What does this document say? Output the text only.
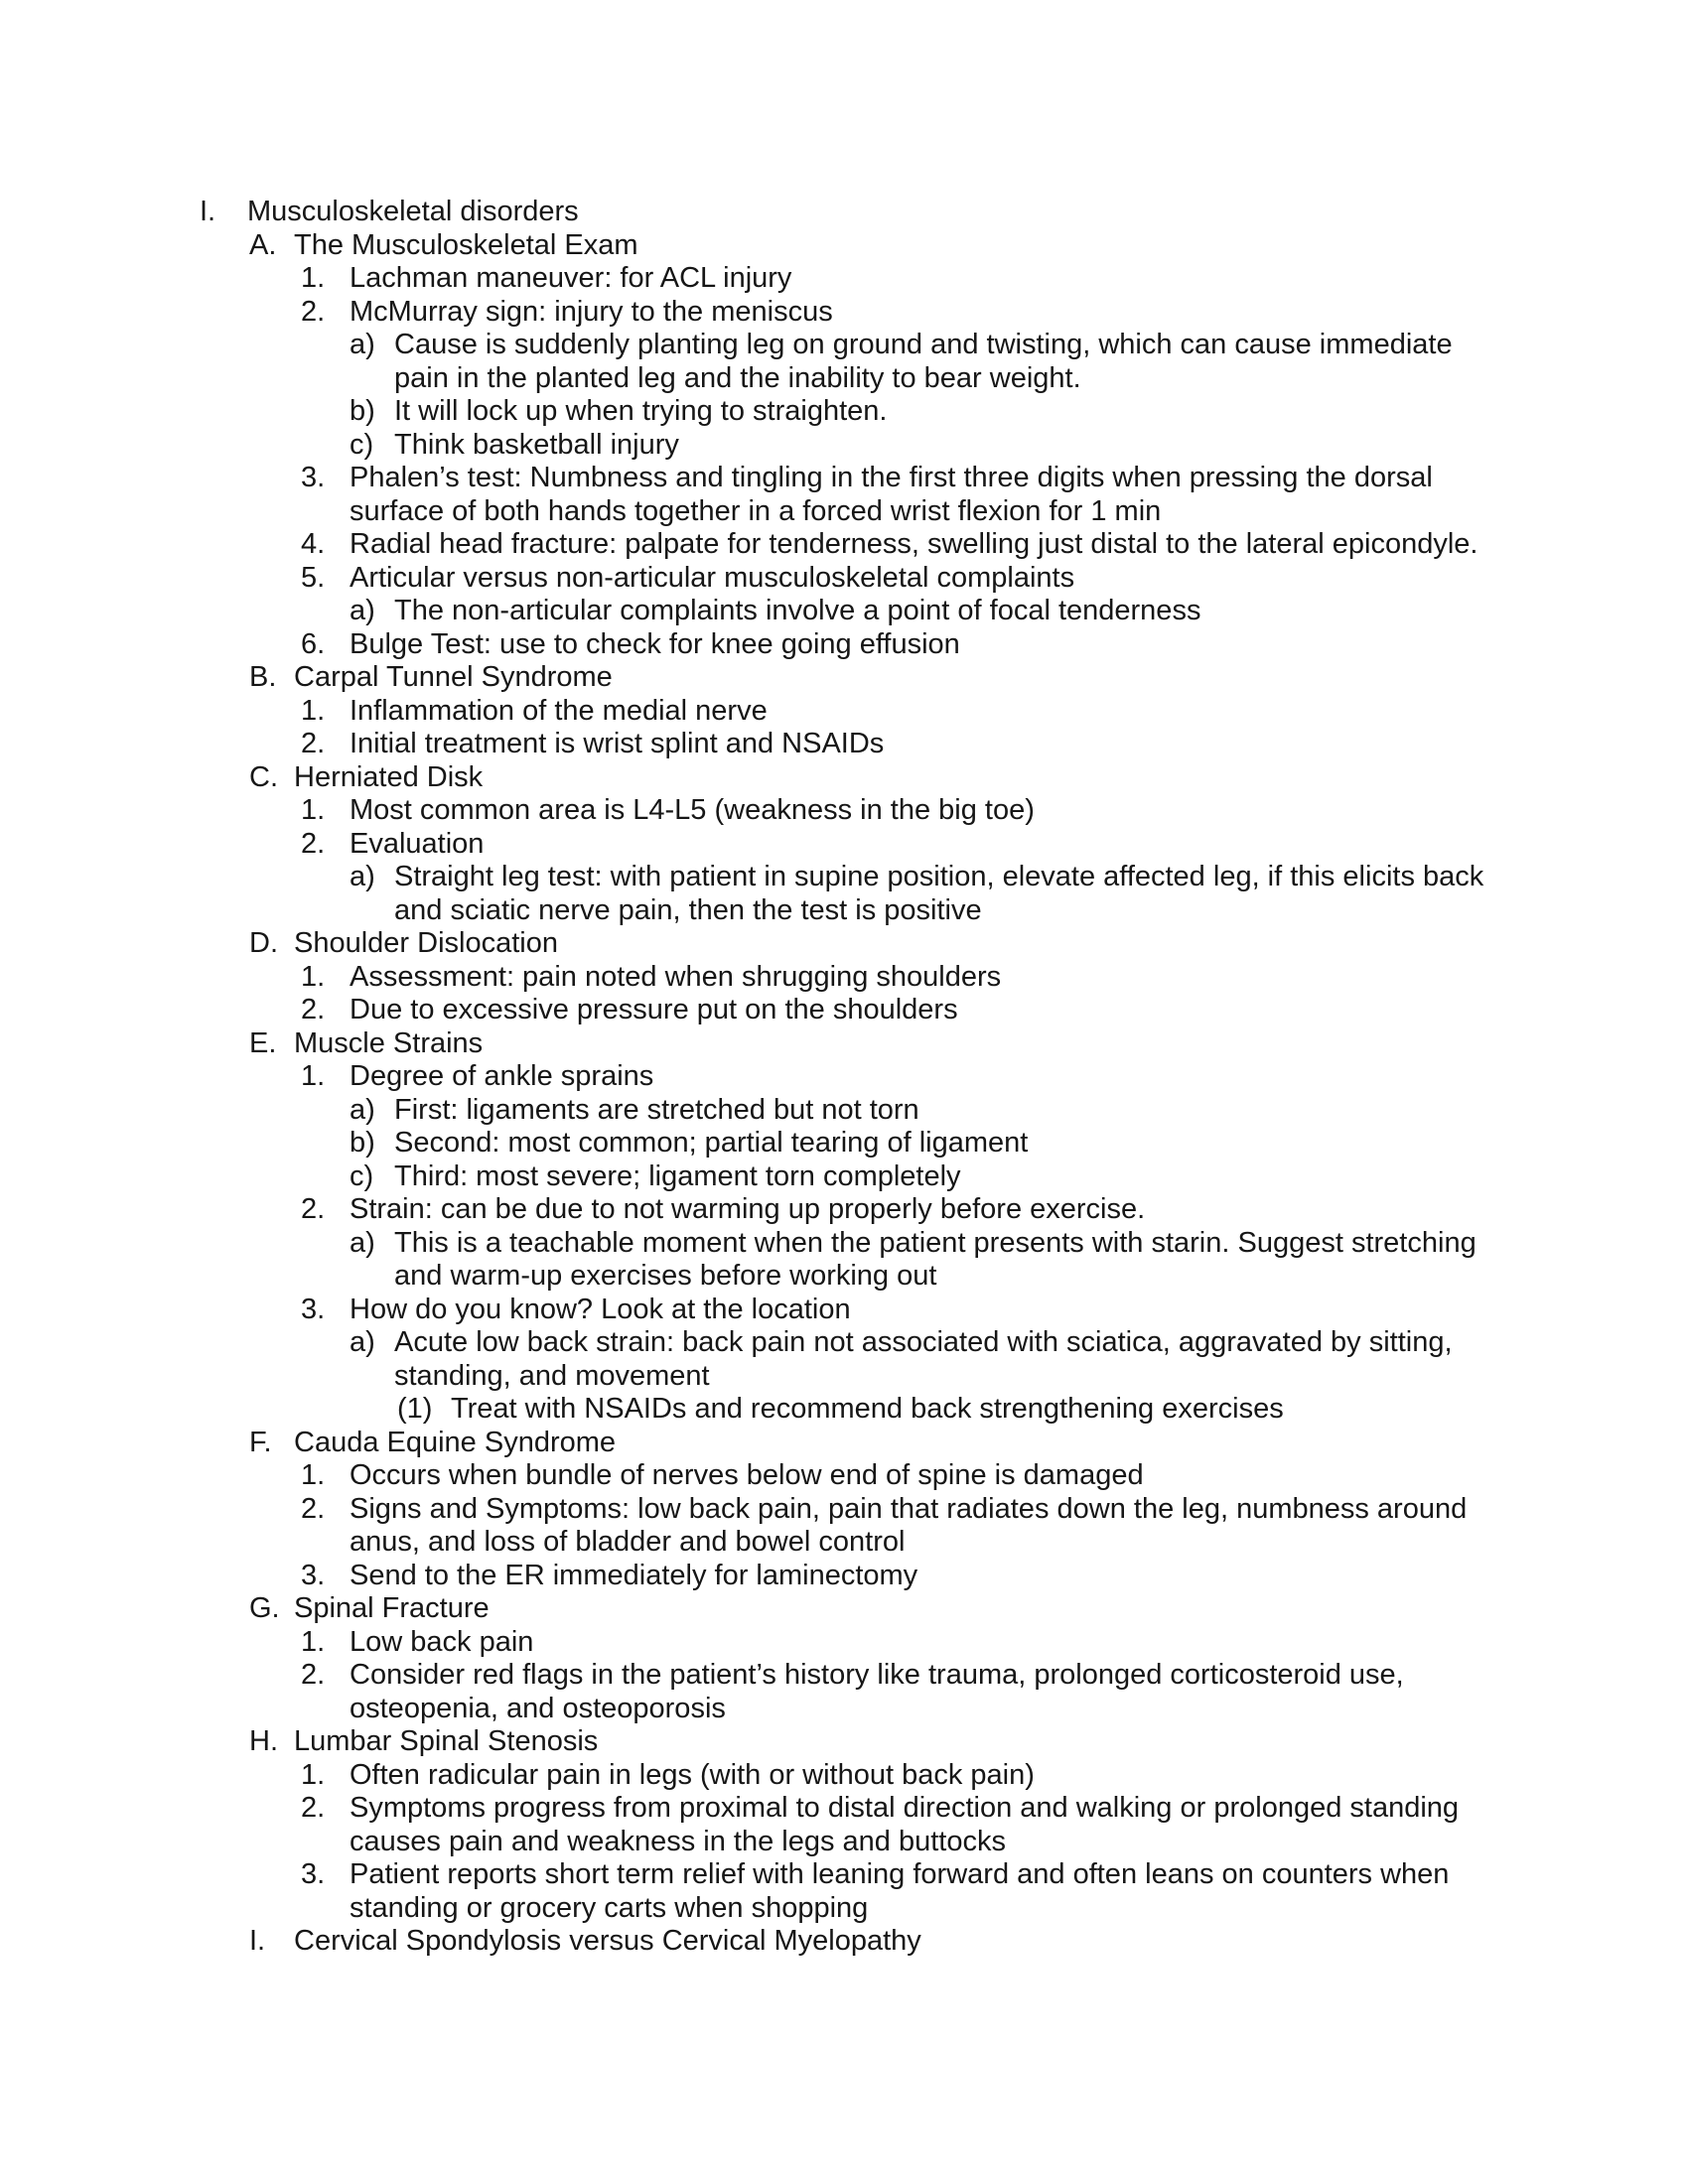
I. Musculoskeletal disorders
A. The Musculoskeletal Exam
1. Lachman maneuver: for ACL injury
2. McMurray sign: injury to the meniscus
a) Cause is suddenly planting leg on ground and twisting, which can cause immediate pain in the planted leg and the inability to bear weight.
b) It will lock up when trying to straighten.
c) Think basketball injury
3. Phalen’s test: Numbness and tingling in the first three digits when pressing the dorsal surface of both hands together in a forced wrist flexion for 1 min
4. Radial head fracture: palpate for tenderness, swelling just distal to the lateral epicondyle.
5. Articular versus non-articular musculoskeletal complaints
a) The non-articular complaints involve a point of focal tenderness
6. Bulge Test: use to check for knee going effusion
B. Carpal Tunnel Syndrome
1. Inflammation of the medial nerve
2. Initial treatment is wrist splint and NSAIDs
C. Herniated Disk
1. Most common area is L4-L5 (weakness in the big toe)
2. Evaluation
a) Straight leg test: with patient in supine position, elevate affected leg, if this elicits back and sciatic nerve pain, then the test is positive
D. Shoulder Dislocation
1. Assessment: pain noted when shrugging shoulders
2. Due to excessive pressure put on the shoulders
E. Muscle Strains
1. Degree of ankle sprains
a) First: ligaments are stretched but not torn
b) Second: most common; partial tearing of ligament
c) Third: most severe; ligament torn completely
2. Strain: can be due to not warming up properly before exercise.
a) This is a teachable moment when the patient presents with starin. Suggest stretching and warm-up exercises before working out
3. How do you know? Look at the location
a) Acute low back strain: back pain not associated with sciatica, aggravated by sitting, standing, and movement
(1) Treat with NSAIDs and recommend back strengthening exercises
F. Cauda Equine Syndrome
1. Occurs when bundle of nerves below end of spine is damaged
2. Signs and Symptoms: low back pain, pain that radiates down the leg, numbness around anus, and loss of bladder and bowel control
3. Send to the ER immediately for laminectomy
G. Spinal Fracture
1. Low back pain
2. Consider red flags in the patient’s history like trauma, prolonged corticosteroid use, osteopenia, and osteoporosis
H. Lumbar Spinal Stenosis
1. Often radicular pain in legs (with or without back pain)
2. Symptoms progress from proximal to distal direction and walking or prolonged standing causes pain and weakness in the legs and buttocks
3. Patient reports short term relief with leaning forward and often leans on counters when standing or grocery carts when shopping
I. Cervical Spondylosis versus Cervical Myelopathy
